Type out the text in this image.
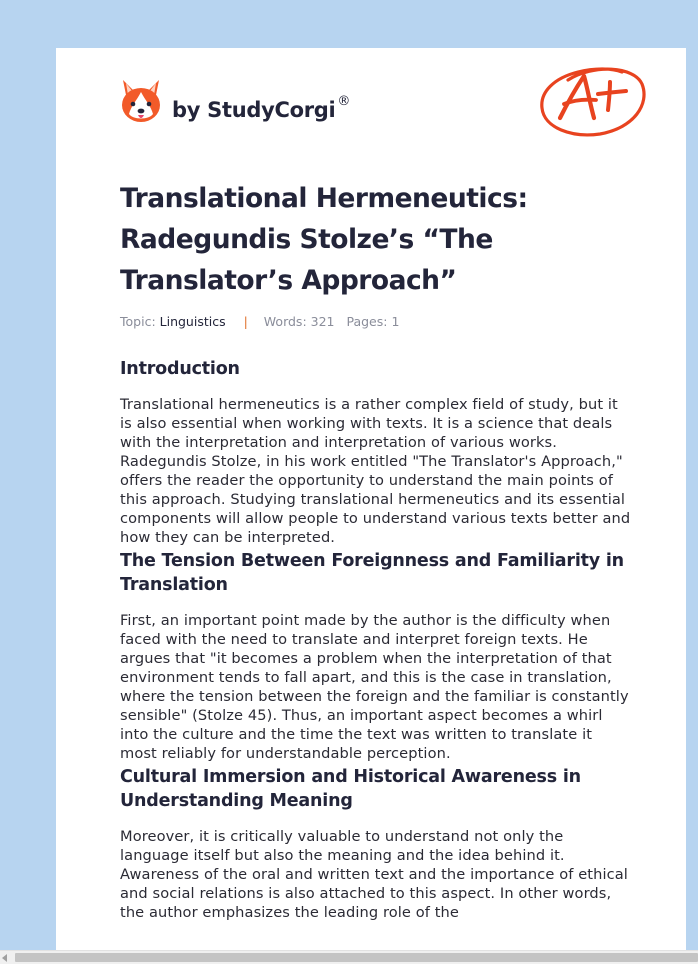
by StudyCorgi ®
Translational Hermeneutics: Radegundis Stolze’s “The Translator’s Approach”
Topic: Linguistics | Words: 321 Pages: 1
Introduction

Translational hermeneutics is a rather complex field of study, but it is also essential when working with texts. It is a science that deals with the interpretation and interpretation of various works. Radegundis Stolze, in his work entitled "The Translator's Approach," offers the reader the opportunity to understand the main points of this approach. Studying translational hermeneutics and its essential components will allow people to understand various texts better and how they can be interpreted.

The Tension Between Foreignness and Familiarity in Translation

First, an important point made by the author is the difficulty when faced with the need to translate and interpret foreign texts. He argues that "it becomes a problem when the interpretation of that environment tends to fall apart, and this is the case in translation, where the tension between the foreign and the familiar is constantly sensible" (Stolze 45). Thus, an important aspect becomes a whirl into the culture and the time the text was written to translate it most reliably for understandable perception.

Cultural Immersion and Historical Awareness in Understanding Meaning

Moreover, it is critically valuable to understand not only the language itself but also the meaning and the idea behind it. Awareness of the oral and written text and the importance of ethical and social relations is also attached to this aspect. In other words, the author emphasizes the leading role of the
